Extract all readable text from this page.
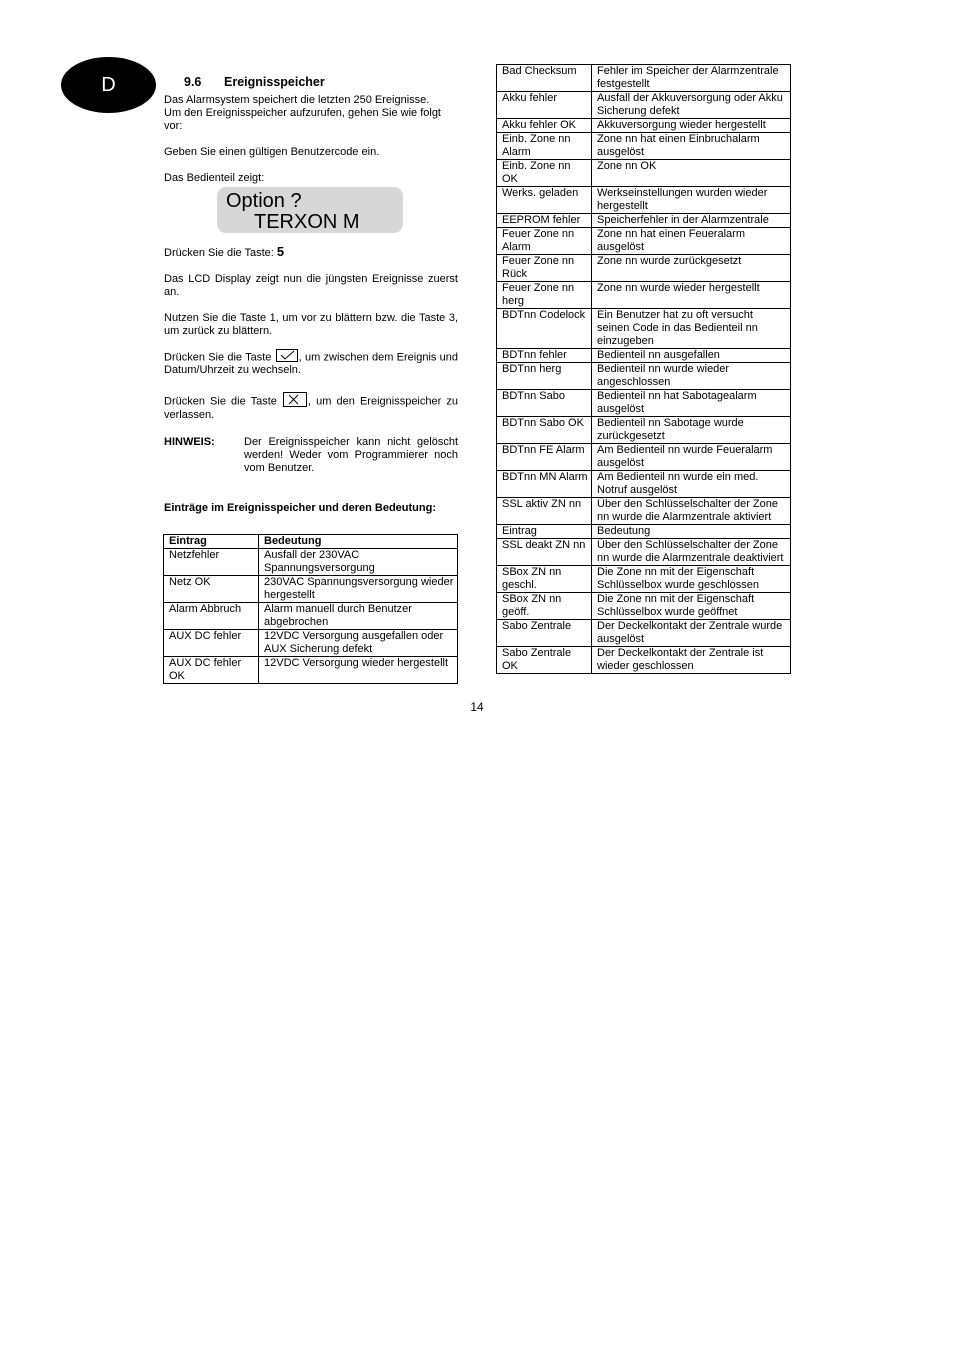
D	9.6 Ereignisspeicher

Das Alarmsystem speichert die letzten 250 Ereignisse.

Um den Ereignisspeicher aufzurufen, gehen Sie wie folgt vor:

Geben Sie einen gültigen Benutzercode ein.

Das Bedienteil zeigt:

Option ?
TERXON M

Drücken Sie die Taste: 5

Das LCD Display zeigt nun die jüngsten Ereignisse zuerst an.

Nutzen Sie die Taste 1, um vor zu blättern bzw. die Taste 3, um zurück zu blättern.

Drücken Sie die Taste , um zwischen dem Ereignis und Datum/Uhrzeit zu wechseln.

Drücken Sie die Taste	, um den Ereignisspeicher zu verlassen.

HINWEIS:	Der Ereignisspeicher kann nicht gelöscht werden! Weder vom Programmierer noch vom Benutzer.
Einträge im Ereignisspeicher und deren Bedeutung:
Eintrag	Bedeutung
Netzfehler	Ausfall der 230VAC Spannungsversorgung
Netz OK	230VAC Spannungsversorgung wieder hergestellt
Alarm Abbruch	Alarm manuell durch Benutzer abgebrochen
AUX DC fehler	12VDC Versorgung ausgefallen oder AUX Sicherung defekt
AUX DC fehler OK	12VDC Versorgung wieder hergestellt
Bad Checksum	Fehler im Speicher der Alarmzentrale festgestellt
Akku fehler	Ausfall der Akkuversorgung oder Akku Sicherung defekt
Akku fehler OK	Akkuversorgung wieder hergestellt
Einb. Zone nn Alarm	Zone nn hat einen Einbruchalarm ausgelöst
Einb. Zone nn OK	Zone nn OK
Werks. geladen	Werkseinstellungen wurden wieder hergestellt
EEPROM fehler	Speicherfehler in der Alarmzentrale
Feuer Zone nn Alarm	Zone nn hat einen Feueralarm ausgelöst
Feuer Zone nn Rück	Zone nn wurde zurückgesetzt
Feuer Zone nn herg	Zone nn wurde wieder hergestellt
BDTnn Codelock	Ein Benutzer hat zu oft versucht seinen Code in das Bedienteil nn einzugeben
BDTnn fehler	Bedienteil nn ausgefallen
BDTnn herg	Bedienteil nn wurde wieder angeschlossen
BDTnn Sabo	Bedienteil nn hat Sabotagealarm ausgelöst
BDTnn Sabo OK	Bedienteil nn Sabotage wurde zurückgesetzt
BDTnn FE Alarm	Am Bedienteil nn wurde Feueralarm ausgelöst
BDTnn MN Alarm	Am Bedienteil nn wurde ein med. Notruf ausgelöst
SSL aktiv ZN nn	Über den Schlüsselschalter der Zone nn wurde die Alarmzentrale aktiviert
Eintrag	Bedeutung
SSL deakt ZN nn	Über den Schlüsselschalter der Zone nn wurde die Alarmzentrale deaktiviert
SBox ZN nn geschl.	Die Zone nn mit der Eigenschaft Schlüsselbox wurde geschlossen
SBox ZN nn geöff.	Die Zone nn mit der Eigenschaft Schlüsselbox wurde geöffnet
Sabo Zentrale	Der Deckelkontakt der Zentrale wurde ausgelöst
Sabo Zentrale OK	Der Deckelkontakt der Zentrale ist wieder geschlossen
14
